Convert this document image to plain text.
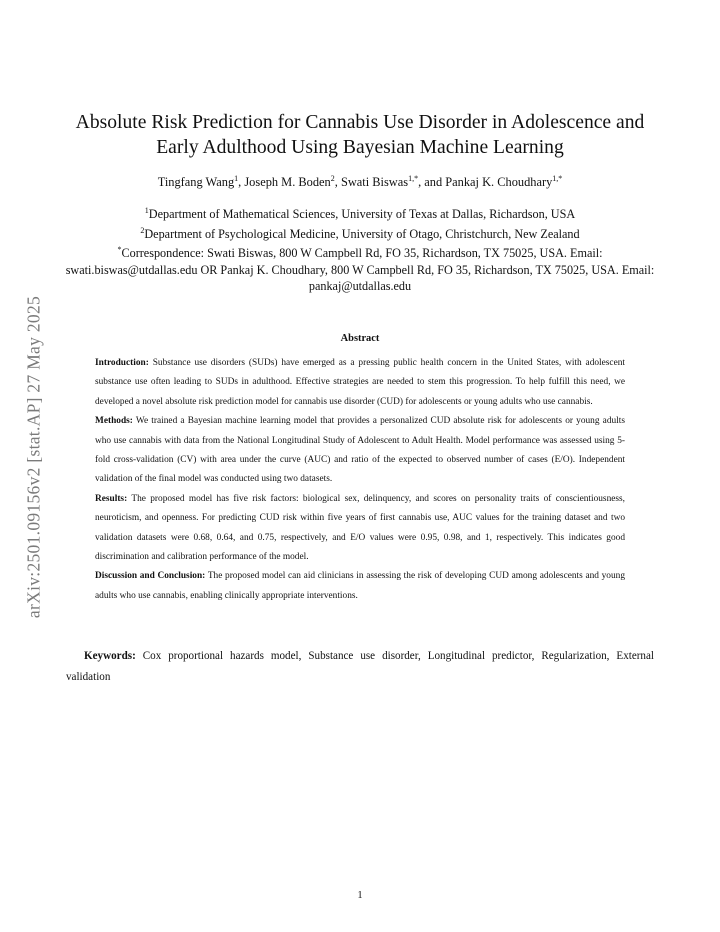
arXiv:2501.09156v2 [stat.AP] 27 May 2025
Absolute Risk Prediction for Cannabis Use Disorder in Adolescence and Early Adulthood Using Bayesian Machine Learning
Tingfang Wang$^1$, Joseph M. Boden$^2$, Swati Biswas$^{1,*}$, and Pankaj K. Choudhary$^{1,*}$
$^1$Department of Mathematical Sciences, University of Texas at Dallas, Richardson, USA
$^2$Department of Psychological Medicine, University of Otago, Christchurch, New Zealand
*Correspondence: Swati Biswas, 800 W Campbell Rd, FO 35, Richardson, TX 75025, USA. Email: swati.biswas@utdallas.edu OR Pankaj K. Choudhary, 800 W Campbell Rd, FO 35, Richardson, TX 75025, USA. Email: pankaj@utdallas.edu
Abstract

Introduction: Substance use disorders (SUDs) have emerged as a pressing public health concern in the United States, with adolescent substance use often leading to SUDs in adulthood. Effective strategies are needed to stem this progression. To help fulfill this need, we developed a novel absolute risk prediction model for cannabis use disorder (CUD) for adolescents or young adults who use cannabis.

Methods: We trained a Bayesian machine learning model that provides a personalized CUD absolute risk for adolescents or young adults who use cannabis with data from the National Longitudinal Study of Adolescent to Adult Health. Model performance was assessed using 5-fold cross-validation (CV) with area under the curve (AUC) and ratio of the expected to observed number of cases (E/O). Independent validation of the final model was conducted using two datasets.

Results: The proposed model has five risk factors: biological sex, delinquency, and scores on personality traits of conscientiousness, neuroticism, and openness. For predicting CUD risk within five years of first cannabis use, AUC values for the training dataset and two validation datasets were 0.68, 0.64, and 0.75, respectively, and E/O values were 0.95, 0.98, and 1, respectively. This indicates good discrimination and calibration performance of the model.

Discussion and Conclusion: The proposed model can aid clinicians in assessing the risk of developing CUD among adolescents and young adults who use cannabis, enabling clinically appropriate interventions.

Keywords: Cox proportional hazards model, Substance use disorder, Longitudinal predictor, Regularization, External validation
1
